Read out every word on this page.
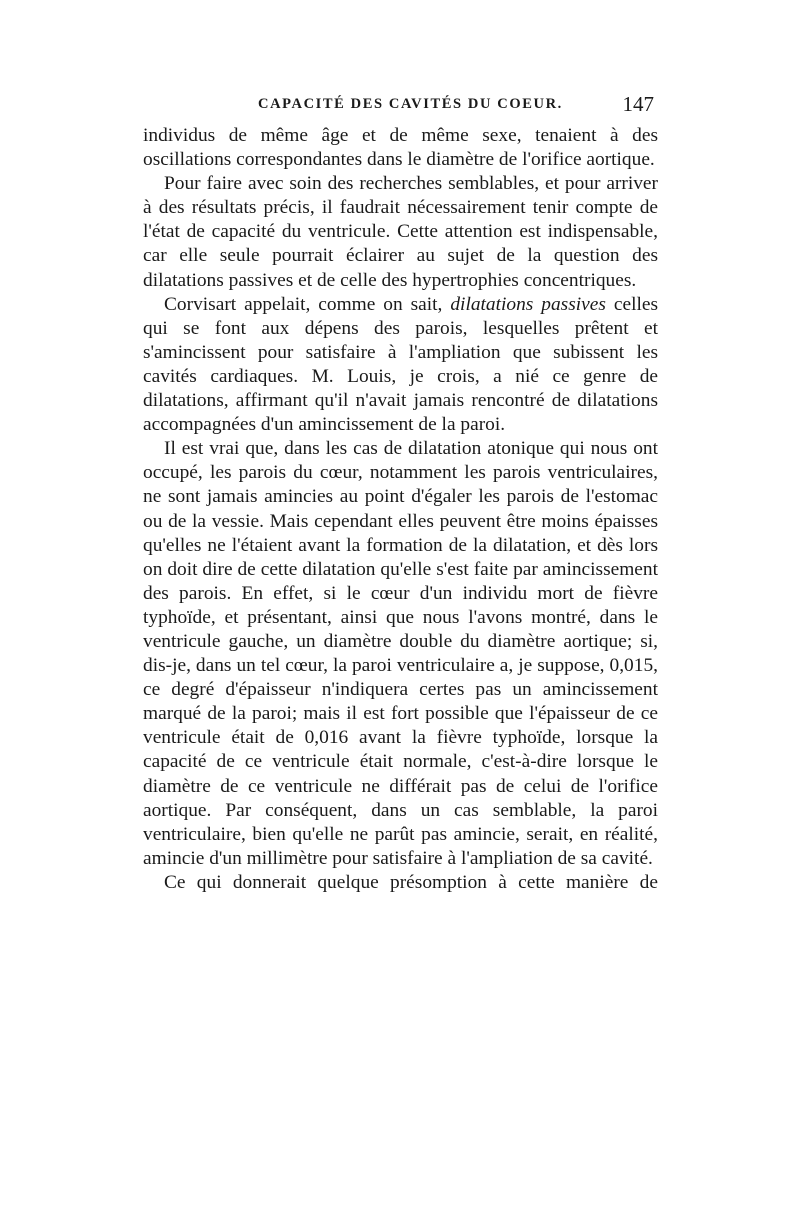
CAPACITÉ DES CAVITÉS DU COEUR.	147

individus de même âge et de même sexe, tenaient à des oscillations correspondantes dans le diamètre de l'orifice aortique.

Pour faire avec soin des recherches semblables, et pour arriver à des résultats précis, il faudrait nécessairement tenir compte de l'état de capacité du ventricule. Cette attention est indispensable, car elle seule pourrait éclairer au sujet de la question des dilatations passives et de celle des hypertrophies concentriques.

Corvisart appelait, comme on sait, dilatations passives celles qui se font aux dépens des parois, lesquelles prêtent et s'amincissent pour satisfaire à l'ampliation que subissent les cavités cardiaques. M. Louis, je crois, a nié ce genre de dilatations, affirmant qu'il n'avait jamais rencontré de dilatations accompagnées d'un amincissement de la paroi.

Il est vrai que, dans les cas de dilatation atonique qui nous ont occupé, les parois du cœur, notamment les parois ventriculaires, ne sont jamais amincies au point d'égaler les parois de l'estomac ou de la vessie. Mais cependant elles peuvent être moins épaisses qu'elles ne l'étaient avant la formation de la dilatation, et dès lors on doit dire de cette dilatation qu'elle s'est faite par amincissement des parois. En effet, si le cœur d'un individu mort de fièvre typhoïde, et présentant, ainsi que nous l'avons montré, dans le ventricule gauche, un diamètre double du diamètre aortique; si, dis-je, dans un tel cœur, la paroi ventriculaire a, je suppose, 0,015, ce degré d'épaisseur n'indiquera certes pas un amincissement marqué de la paroi; mais il est fort possible que l'épaisseur de ce ventricule était de 0,016 avant la fièvre typhoïde, lorsque la capacité de ce ventricule était normale, c'est-à-dire lorsque le diamètre de ce ventricule ne différait pas de celui de l'orifice aortique. Par conséquent, dans un cas semblable, la paroi ventriculaire, bien qu'elle ne parût pas amincie, serait, en réalité, amincie d'un millimètre pour satisfaire à l'ampliation de sa cavité.

Ce qui donnerait quelque présomption à cette manière de
